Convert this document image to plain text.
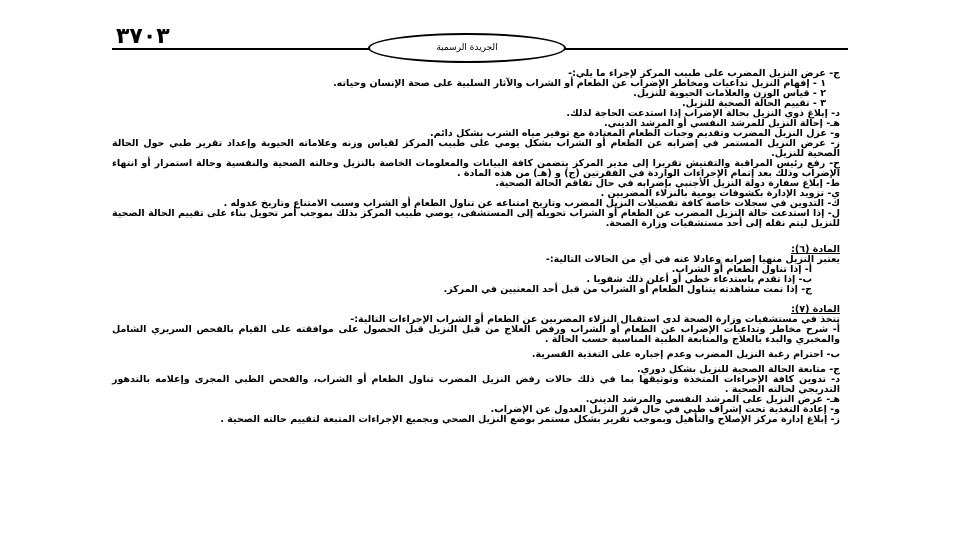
٣٧٠٣	الجريدة الرسمية

ج- عرض النزيل المضرب على طبيب المركز لإجراء ما يلي:-

١ - إفهام النزيل تداعيات ومخاطر الإضراب عن الطعام أو الشراب والآثار السلبية على صحة الإنسان وحياته.

٢ - قياس الوزن والعلامات الحيوية للنزيل.

٣ - تقييم الحالة الصحية للنزيل.

د- إبلاغ ذوي النزيل بحالة الإضراب إذا استدعت الحاجة لذلك.

هـ- إحالة النزيل للمرشد النفسي أو المرشد الديني.

و- عزل النزيل المضرب وتقديم وجبات الطعام المعتادة مع توفير مياه الشرب بشكل دائم.

ز- عرض النزيل المستمر في إضرابه عن الطعام أو الشراب بشكل يومي على طبيب المركز لقياس وزنه وعلاماته الحيوية وإعداد تقرير طبي حول الحالة الصحية للنزيل.

ح- رفع رئيس المراقبة والتفتيش تقريرا إلى مدير المركز يتضمن كافة البيانات والمعلومات الخاصة بالنزيل وحالته الصحية والنفسية وحالة استمرار أو انتهاء الإضراب وذلك بعد إتمام الإجراءات الواردة في الفقرتين (ج) و (هـ) من هذه المادة .

ط- إبلاغ سفارة دولة النزيل الأجنبي بإضرابه في حال تفاقم الحالة الصحية.

ي- تزويد الإدارة بكشوفات يومية بالنزلاء المضربين .

ك- التدوين في سجلات خاصة كافة تفصيلات النزيل المضرب وتاريخ امتناعه عن تناول الطعام أو الشراب وسبب الامتناع وتاريخ عدوله .

ل- إذا استدعت حالة النزيل المضرب عن الطعام أو الشراب تحويله إلى المستشفى، يوصي طبيب المركز بذلك بموجب أمر تحويل بناء على تقييم الحالة الصحية للنزيل ليتم نقله إلى أحد مستشفيات وزارة الصحة.

المادة (٦):

يعتبر النزيل منهيا إضرابه وعادلا عنه في أي من الحالات التالية:-

أ- إذا تناول الطعام أو الشراب.

ب- إذا تقدم باستدعاء خطي أو أعلن ذلك شفويا .

ج- إذا تمت مشاهدته يتناول الطعام أو الشراب من قبل أحد المعنيين في المركز.

المادة (٧):

تتخذ في مستشفيات وزارة الصحة لدى استقبال النزلاء المضربين عن الطعام أو الشراب الإجراءات التالية:-

أ- شرح مخاطر وتداعيات الإضراب عن الطعام أو الشراب ورفض العلاج من قبل النزيل قبل الحصول على موافقته على القيام بالفحص السريري الشامل والمخبري والبدء بالعلاج والمتابعة الطبية المناسبة حسب الحالة .

ب- احترام رغبة النزيل المضرب وعدم إجباره على التغذية القسرية.

ج- متابعة الحالة الصحية للنزيل بشكل دوري.

د- تدوين كافة الإجراءات المتخذة وتوثيقها بما في ذلك حالات رفض النزيل المضرب تناول الطعام أو الشراب، والفحص الطبي المجرى وإعلامه بالتدهور التدريجي لحالته الصحية .

هـ- عرض النزيل على المرشد النفسي والمرشد الديني.

و- إعادة التغذية تحت إشراف طبي في حال قرر النزيل العدول عن الإضراب.

ز- إبلاغ إدارة مركز الإصلاح والتأهيل وبموجب تقرير بشكل مستمر بوضع النزيل الصحي وبجميع الإجراءات المتبعة لتقييم حالته الصحية .
